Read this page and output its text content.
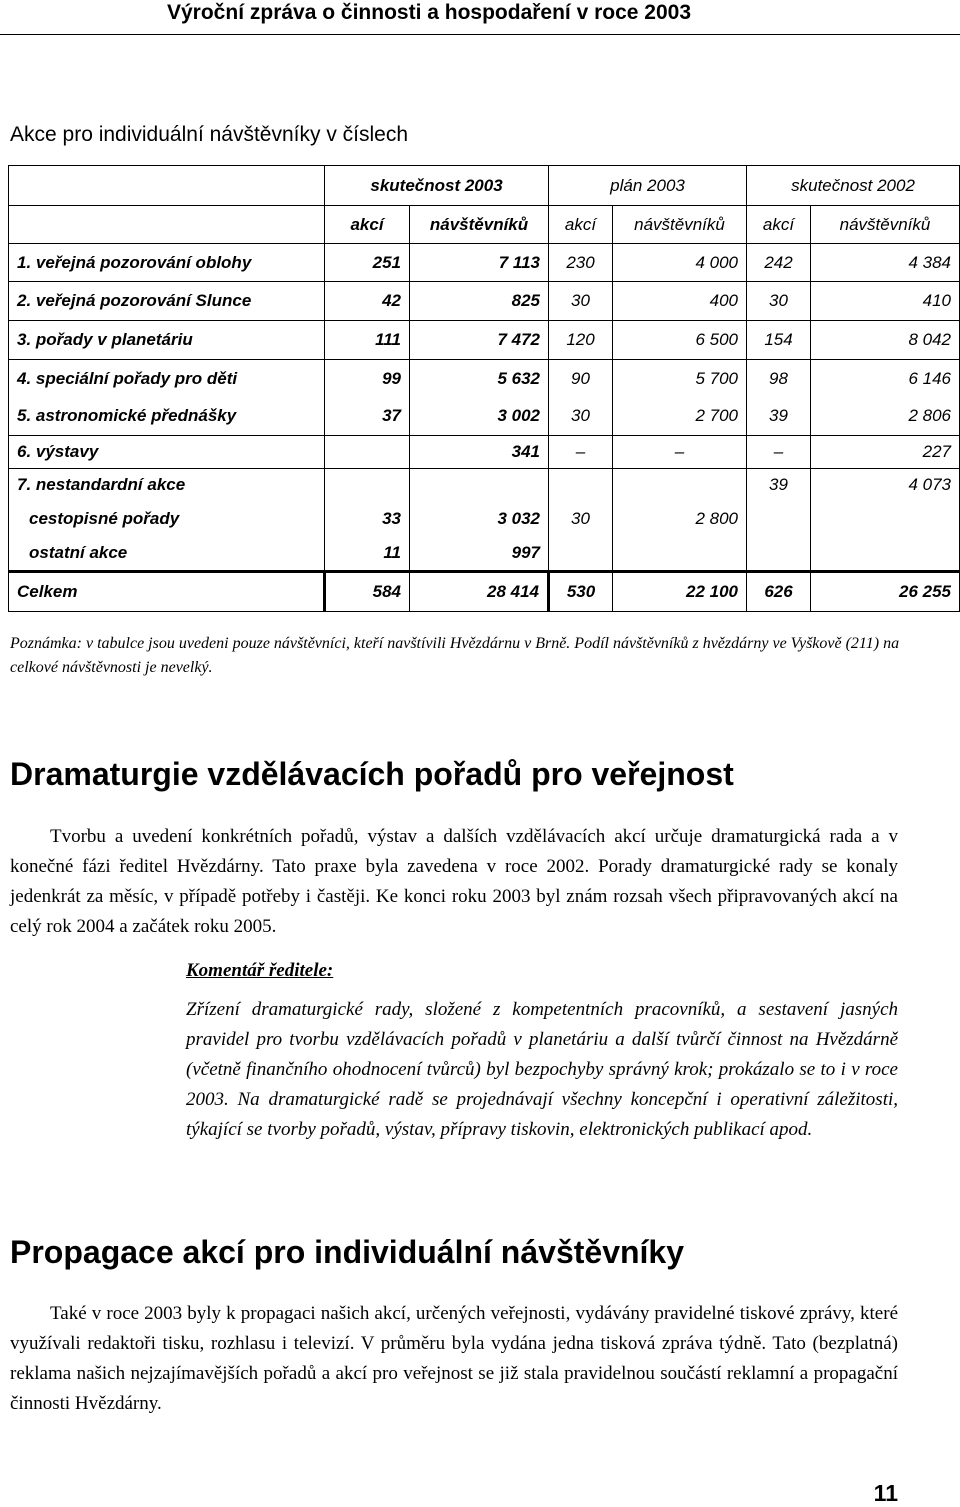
Výroční zpráva o činnosti a hospodaření v roce 2003
Akce pro individuální návštěvníky v číslech
	skutečnost 2003		plán 2003		skutečnost 2002	
	akcí	návštěvníků	akcí	návštěvníků	akcí	návštěvníků
1. veřejná pozorování oblohy	251	7 113	230	4 000	242	4 384
2. veřejná pozorování Slunce	42	825	30	400	30	410
3. pořady v planetáriu	111	7 472	120	6 500	154	8 042
4. speciální pořady pro děti	99	5 632	90	5 700	98	6 146
5. astronomické přednášky	37	3 002	30	2 700	39	2 806
6. výstavy		341	–	–	–	227
7. nestandardní akce					39	4 073
cestopisné pořady	33	3 032	30	2 800		
ostatní akce	11	997				
Celkem	584	28 414	530	22 100	626	26 255
Poznámka: v tabulce jsou uvedeni pouze návštěvníci, kteří navštívili Hvězdárnu v Brně. Podíl návštěvníků z hvězdárny ve Vyškově (211) na celkové návštěvnosti je nevelký.
Dramaturgie vzdělávacích pořadů pro veřejnost
Tvorbu a uvedení konkrétních pořadů, výstav a dalších vzdělávacích akcí určuje dramaturgická rada a v konečné fázi ředitel Hvězdárny. Tato praxe byla zavedena v roce 2002. Porady dramaturgické rady se konaly jedenkrát za měsíc, v případě potřeby i častěji. Ke konci roku 2003 byl znám rozsah všech připravovaných akcí na celý rok 2004 a začátek roku 2005.
Komentář ředitele:
Zřízení dramaturgické rady, složené z kompetentních pracovníků, a sestavení jasných pravidel pro tvorbu vzdělávacích pořadů v planetáriu a další tvůrčí činnost na Hvězdárně (včetně finančního ohodnocení tvůrců) byl bezpochyby správný krok; prokázalo se to i v roce 2003. Na dramaturgické radě se projednávají všechny koncepční i operativní záležitosti, týkající se tvorby pořadů, výstav, přípravy tiskovin, elektronických publikací apod.
Propagace akcí pro individuální návštěvníky
Také v roce 2003 byly k propagaci našich akcí, určených veřejnosti, vydávány pravidelné tiskové zprávy, které využívali redaktoři tisku, rozhlasu i televizí. V průměru byla vydána jedna tisková zpráva týdně. Tato (bezplatná) reklama našich nejzajímavějších pořadů a akcí pro veřejnost se již stala pravidelnou součástí reklamní a propagační činnosti Hvězdárny.
11
